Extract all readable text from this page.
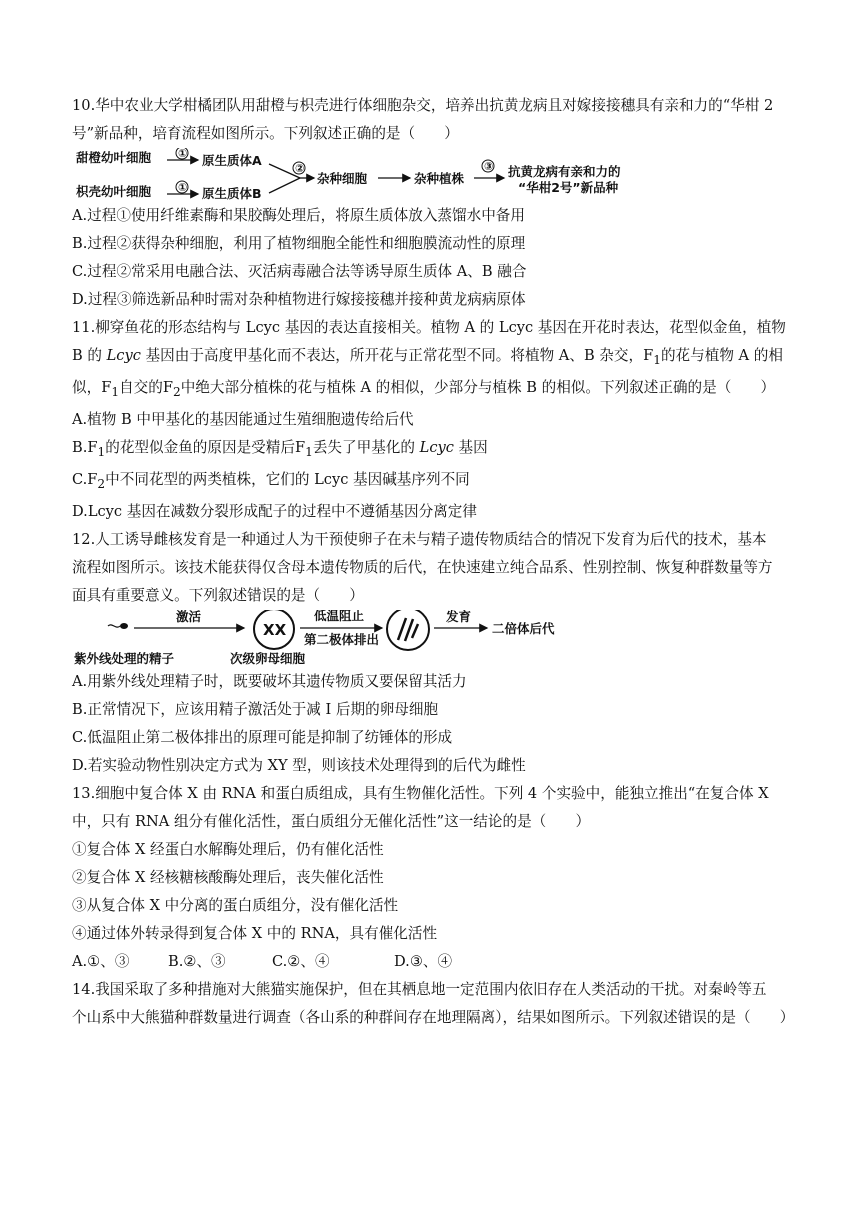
10.华中农业大学柑橘团队用甜橙与枳壳进行体细胞杂交，培养出抗黄龙病且对嫁接接穗具有亲和力的“华柑 2

号”新品种，培育流程如图所示。下列叙述正确的是（　　）

甜橙幼叶细胞
枳壳幼叶细胞
①
①
原生质体A
原生质体B
②
杂种细胞	杂种植株
③ 抗黄龙病有亲和力的
“华柑2号”新品种

A.过程①使用纤维素酶和果胶酶处理后，将原生质体放入蒸馏水中备用

B.过程②获得杂种细胞，利用了植物细胞全能性和细胞膜流动性的原理

C.过程②常采用电融合法、灭活病毒融合法等诱导原生质体 A、B 融合

D.过程③筛选新品种时需对杂种植物进行嫁接接穗并接种黄龙病病原体

11.柳穿鱼花的形态结构与 Lcyc 基因的表达直接相关。植物 A 的 Lcyc 基因在开花时表达，花型似金鱼，植物

B 的 Lcyc 基因由于高度甲基化而不表达，所开花与正常花型不同。将植物 A、B 杂交，$F_1$的花与植物 A 的相

似，$F_1$自交的$F_2$中绝大部分植株的花与植株 A 的相似，少部分与植株 B 的相似。下列叙述正确的是（　　）

A.植物 B 中甲基化的基因能通过生殖细胞遗传给后代

$B.F_1$的花型似金鱼的原因是受精后$F_1$丢失了甲基化的 Lcyc 基因

$C.F_2$中不同花型的两类植株，它们的 Lcyc 基因碱基序列不同

D.Lcyc 基因在减数分裂形成配子的过程中不遵循基因分离定律

12.人工诱导雌核发育是一种通过人为干预使卵子在未与精子遗传物质结合的情况下发育为后代的技术，基本

流程如图所示。该技术能获得仅含母本遗传物质的后代，在快速建立纯合品系、性别控制、恢复种群数量等方

面具有重要意义。下列叙述错误的是（　　）

激活
XX
低温阻止
第二极体排出
发育
二倍体后代
紫外线处理的精子	次级卵母细胞

A.用紫外线处理精子时，既要破坏其遗传物质又要保留其活力

B.正常情况下，应该用精子激活处于减 I 后期的卵母细胞

C.低温阻止第二极体排出的原理可能是抑制了纺锤体的形成

D.若实验动物性别决定方式为 XY 型，则该技术处理得到的后代为雌性

13.细胞中复合体 X 由 RNA 和蛋白质组成，具有生物催化活性。下列 4 个实验中，能独立推出“在复合体 X

中，只有 RNA 组分有催化活性，蛋白质组分无催化活性”这一结论的是（　　）

①复合体 X 经蛋白水解酶处理后，仍有催化活性

②复合体 X 经核糖核酸酶处理后，丧失催化活性

③从复合体 X 中分离的蛋白质组分，没有催化活性

④通过体外转录得到复合体 X 中的 RNA，具有催化活性

A.①、③	B.②、③	C.②、④	D.③、④

14.我国采取了多种措施对大熊猫实施保护，但在其栖息地一定范围内依旧存在人类活动的干扰。对秦岭等五

个山系中大熊猫种群数量进行调查（各山系的种群间存在地理隔离），结果如图所示。下列叙述错误的是（　　）
